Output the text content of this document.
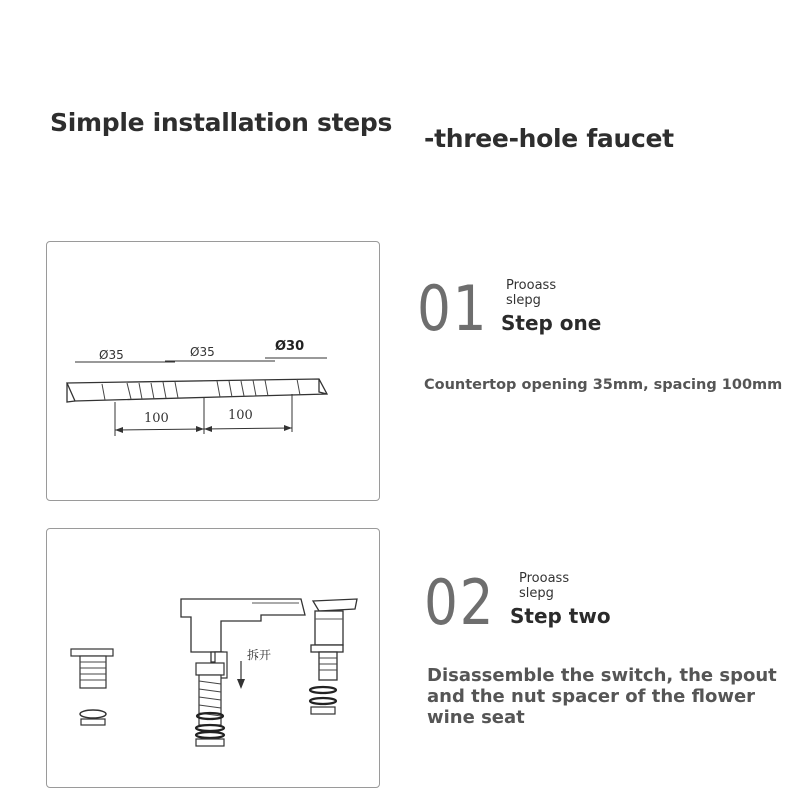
Simple installation steps
-three-hole faucet
Ø35	Ø35	Ø30
100	100
01 Prooass
slepg
Step one
Countertop opening 35mm, spacing 100mm
拆开
02 Prooass
slepg
Step two
Disassemble the switch, the spout and the nut spacer of the flower wine seat
